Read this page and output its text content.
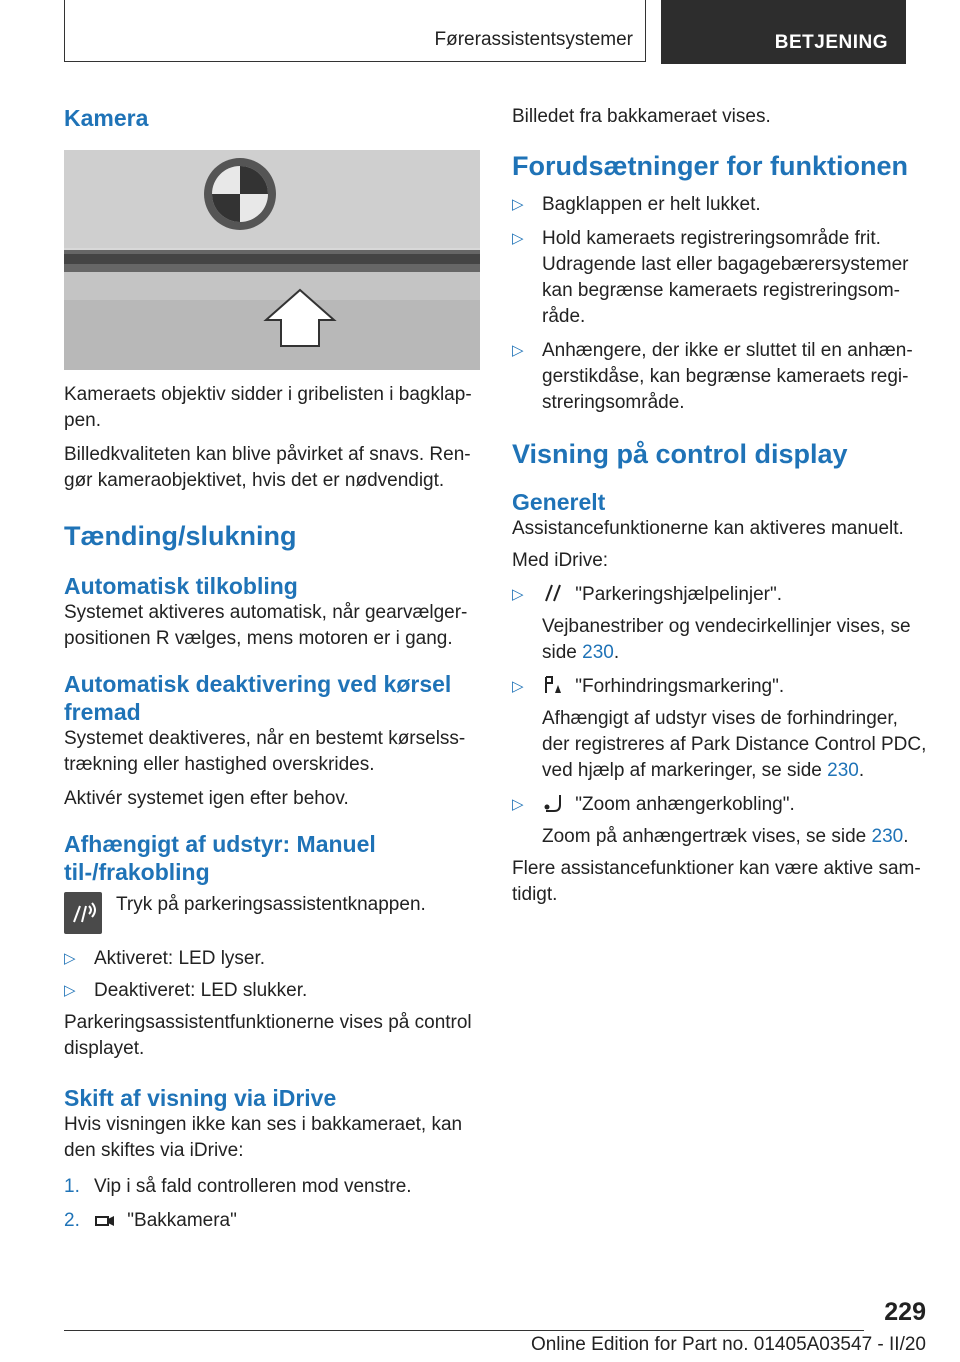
Førerassistentsystemer	BETJENING
Kamera

Kameraets objektiv sidder i gribelisten i bagklap-pen.

Billedkvaliteten kan blive påvirket af snavs. Ren-gør kameraobjektivet, hvis det er nødvendigt.

Tænding/slukning
Automatisk tilkobling

Systemet aktiveres automatisk, når gearvælger-positionen R vælges, mens motoren er i gang.

Automatisk deaktivering ved kørsel fremad

Systemet deaktiveres, når en bestemt kørselss-trækning eller hastighed overskrides.

Aktivér systemet igen efter behov.

Afhængigt af udstyr: Manuel til-/frakobling

Tryk på parkeringsassistentknappen.

▷ Aktiveret: LED lyser.
▷ Deaktiveret: LED slukker.

Parkeringsassistentfunktionerne vises på control displayet.

Skift af visning via iDrive

Hvis visningen ikke kan ses i bakkameraet, kan den skiftes via iDrive:

1. Vip i så fald controlleren mod venstre.
2. "Bakkamera"

Billedet fra bakkameraet vises.

Forudsætninger for funktionen
▷ Bagklappen er helt lukket.
▷ Hold kameraets registreringsområde frit. Udragende last eller bagagebærersystemer kan begrænse kameraets registreringsom-råde.
▷ Anhængere, der ikke er sluttet til en anhæn-gerstikdåse, kan begrænse kameraets regi-streringsområde.
Visning på control display
Generelt

Assistancefunktionerne kan aktiveres manuelt.

Med iDrive:

▷	"Parkeringshjælpelinjer".
Vejbanestriber og vendecirkellinjer vises, se side 230.
▷	"Forhindringsmarkering".
Afhængigt af udstyr vises de forhindringer, der registreres af Park Distance Control PDC, ved hjælp af markeringer, se side 230.
▷	"Zoom anhængerkobling".
Zoom på anhængertræk vises, se side 230.

Flere assistancefunktioner kan være aktive sam-tidigt.

229
Online Edition for Part no. 01405A03547 - II/20
